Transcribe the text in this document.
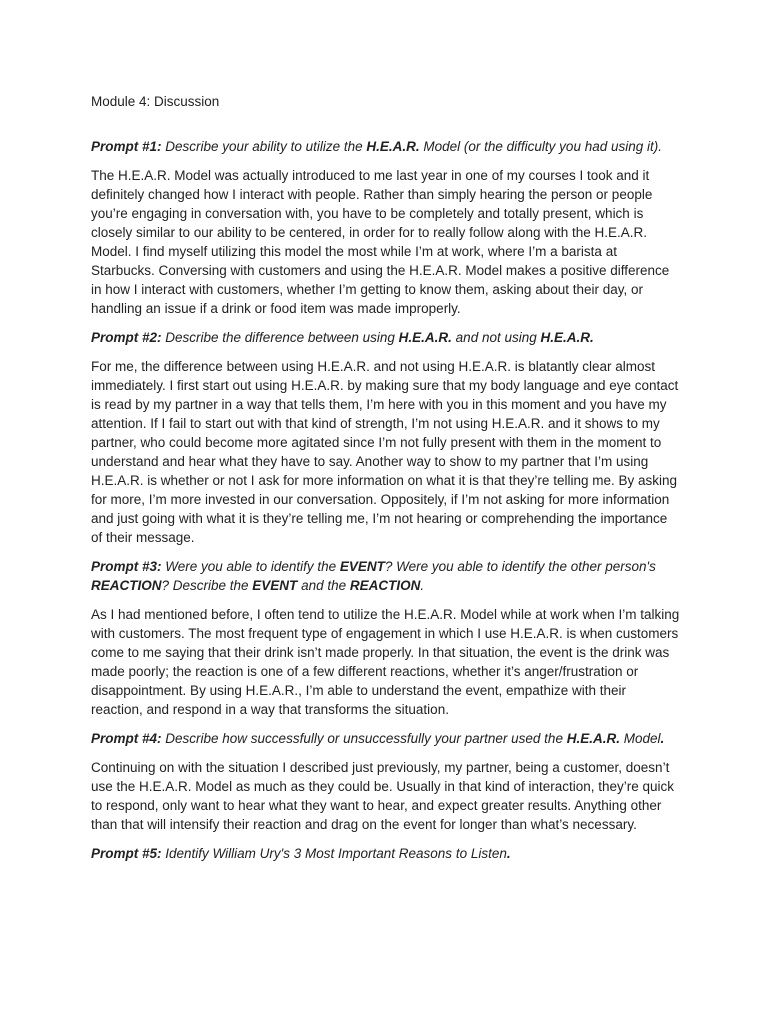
Module 4: Discussion

Prompt #1: Describe your ability to utilize the H.E.A.R. Model (or the difficulty you had using it).

The H.E.A.R. Model was actually introduced to me last year in one of my courses I took and it definitely changed how I interact with people. Rather than simply hearing the person or people you’re engaging in conversation with, you have to be completely and totally present, which is closely similar to our ability to be centered, in order for to really follow along with the H.E.A.R. Model. I find myself utilizing this model the most while I’m at work, where I’m a barista at Starbucks. Conversing with customers and using the H.E.A.R. Model makes a positive difference in how I interact with customers, whether I’m getting to know them, asking about their day, or handling an issue if a drink or food item was made improperly.

Prompt #2: Describe the difference between using H.E.A.R. and not using H.E.A.R.

For me, the difference between using H.E.A.R. and not using H.E.A.R. is blatantly clear almost immediately. I first start out using H.E.A.R. by making sure that my body language and eye contact is read by my partner in a way that tells them, I’m here with you in this moment and you have my attention. If I fail to start out with that kind of strength, I’m not using H.E.A.R. and it shows to my partner, who could become more agitated since I’m not fully present with them in the moment to understand and hear what they have to say. Another way to show to my partner that I’m using H.E.A.R. is whether or not I ask for more information on what it is that they’re telling me. By asking for more, I’m more invested in our conversation. Oppositely, if I’m not asking for more information and just going with what it is they’re telling me, I’m not hearing or comprehending the importance of their message.

Prompt #3: Were you able to identify the EVENT? Were you able to identify the other person's REACTION? Describe the EVENT and the REACTION.

As I had mentioned before, I often tend to utilize the H.E.A.R. Model while at work when I’m talking with customers. The most frequent type of engagement in which I use H.E.A.R. is when customers come to me saying that their drink isn’t made properly. In that situation, the event is the drink was made poorly; the reaction is one of a few different reactions, whether it’s anger/frustration or disappointment. By using H.E.A.R., I’m able to understand the event, empathize with their reaction, and respond in a way that transforms the situation.

Prompt #4: Describe how successfully or unsuccessfully your partner used the H.E.A.R. Model.

Continuing on with the situation I described just previously, my partner, being a customer, doesn’t use the H.E.A.R. Model as much as they could be. Usually in that kind of interaction, they’re quick to respond, only want to hear what they want to hear, and expect greater results. Anything other than that will intensify their reaction and drag on the event for longer than what’s necessary.

Prompt #5: Identify William Ury's 3 Most Important Reasons to Listen.
